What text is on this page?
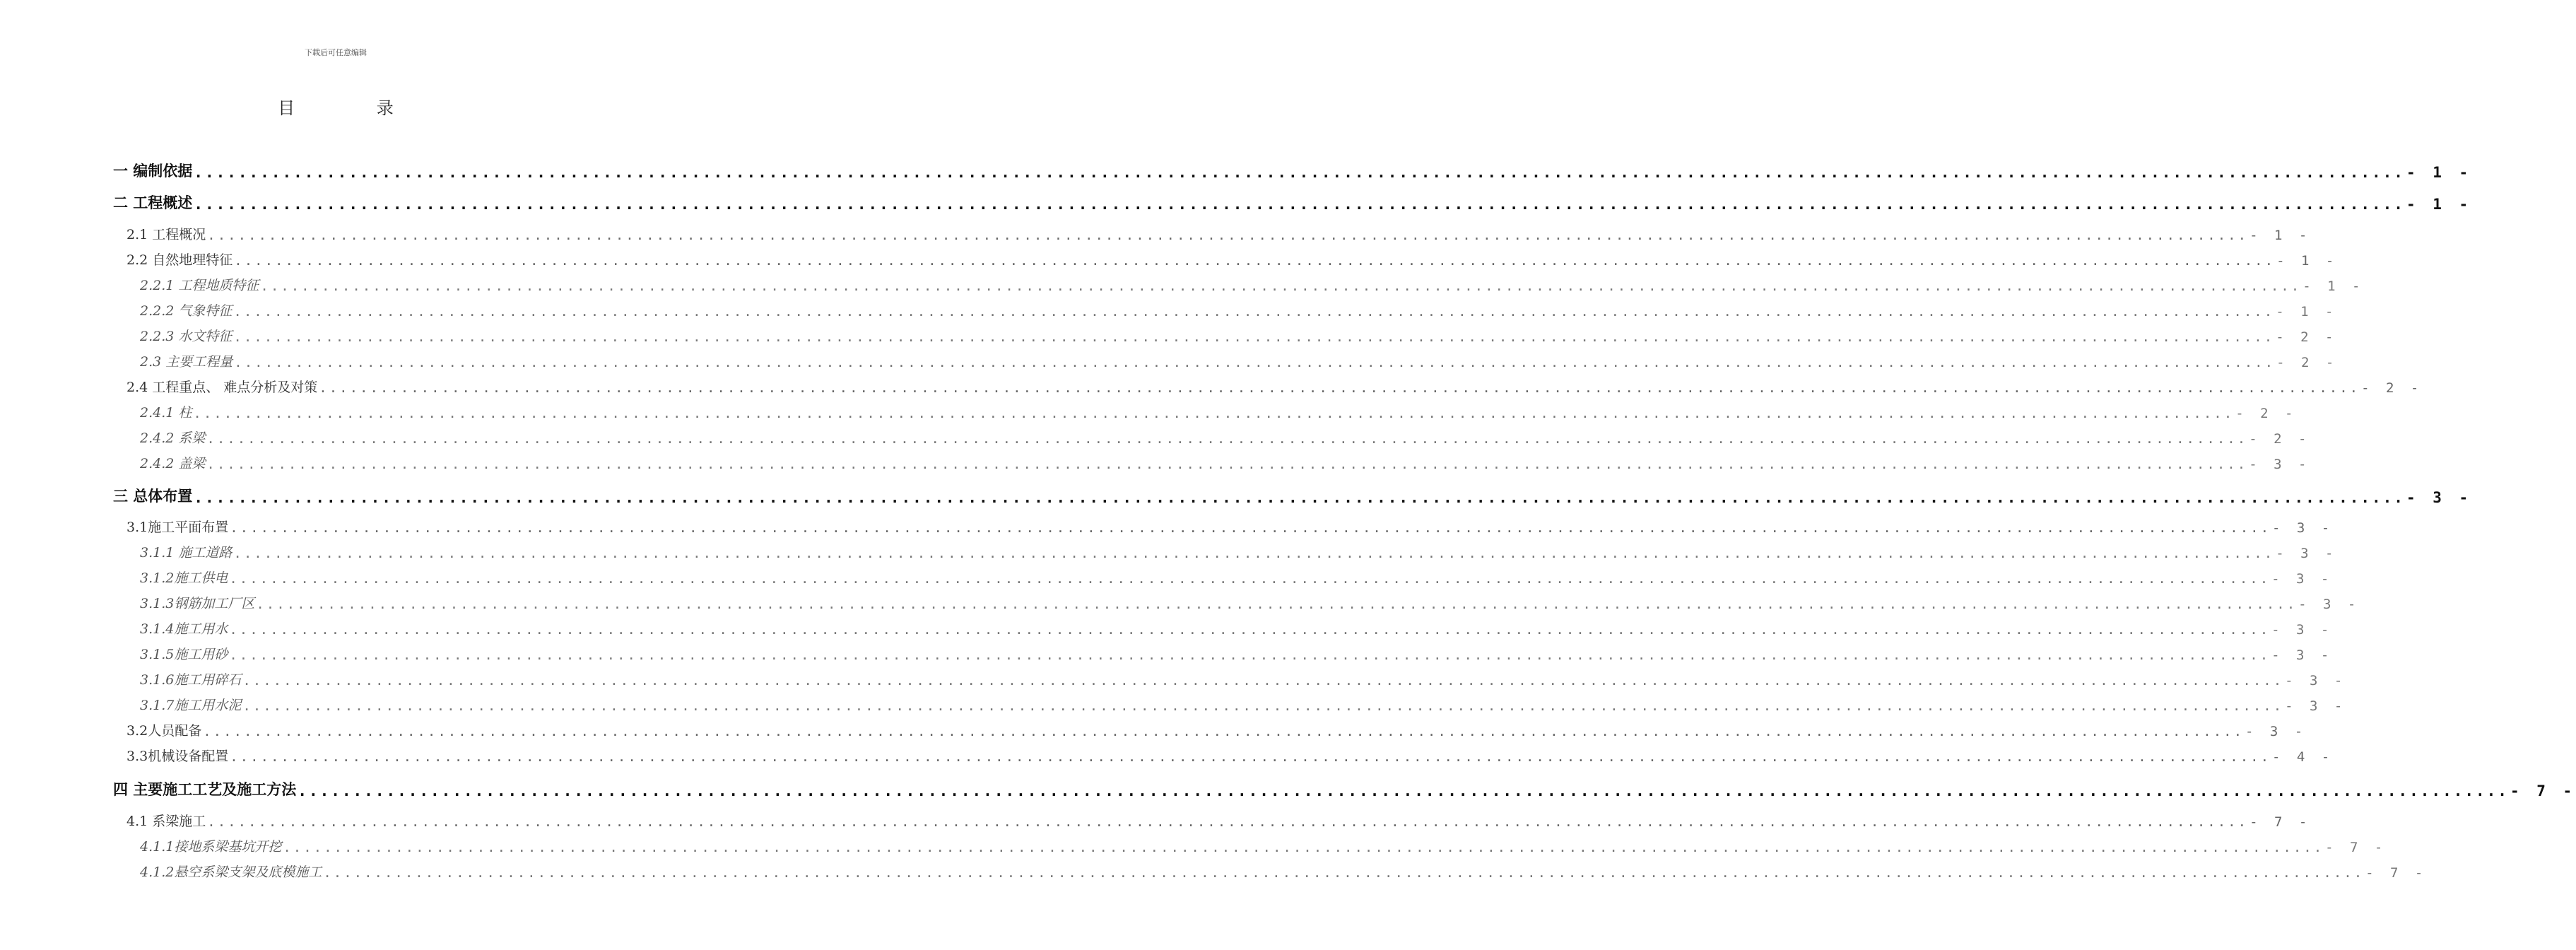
下载后可任意编辑
目 录
一 编制依据 ........................................................................................................................................................................................................ - 1 -
二 工程概述 ........................................................................................................................................................................................................ - 1 -
2.1 工程概况 ........................................................................................................................................................................................................ - 1 -
2.2 自然地理特征 ........................................................................................................................................................................................................ - 1 -
2.2.1 工程地质特征 ........................................................................................................................................................................................................ - 1 -
2.2.2 气象特征 ........................................................................................................................................................................................................ - 1 -
2.2.3 水文特征 ........................................................................................................................................................................................................ - 2 -
2.3 主要工程量 ........................................................................................................................................................................................................ - 2 -
2.4 工程重点、 难点分析及对策 ........................................................................................................................................................................................................ - 2 -
2.4.1 柱 ........................................................................................................................................................................................................ - 2 -
2.4.2 系梁 ........................................................................................................................................................................................................ - 2 -
2.4.2 盖梁 ........................................................................................................................................................................................................ - 3 -
三 总体布置 ........................................................................................................................................................................................................ - 3 -
3.1施工平面布置 ........................................................................................................................................................................................................ - 3 -
3.1.1 施工道路 ........................................................................................................................................................................................................ - 3 -
3.1.2施工供电 ........................................................................................................................................................................................................ - 3 -
3.1.3钢筋加工厂区 ........................................................................................................................................................................................................ - 3 -
3.1.4施工用水 ........................................................................................................................................................................................................ - 3 -
3.1.5施工用砂 ........................................................................................................................................................................................................ - 3 -
3.1.6施工用碎石 ........................................................................................................................................................................................................ - 3 -
3.1.7施工用水泥 ........................................................................................................................................................................................................ - 3 -
3.2人员配备 ........................................................................................................................................................................................................ - 3 -
3.3机械设备配置 ........................................................................................................................................................................................................ - 4 -
四 主要施工工艺及施工方法 ........................................................................................................................................................................................................ - 7 -
4.1 系梁施工 ........................................................................................................................................................................................................ - 7 -
4.1.1接地系梁基坑开挖 ........................................................................................................................................................................................................ - 7 -
4.1.2悬空系梁支架及底模施工 ........................................................................................................................................................................................................ - 7 -
